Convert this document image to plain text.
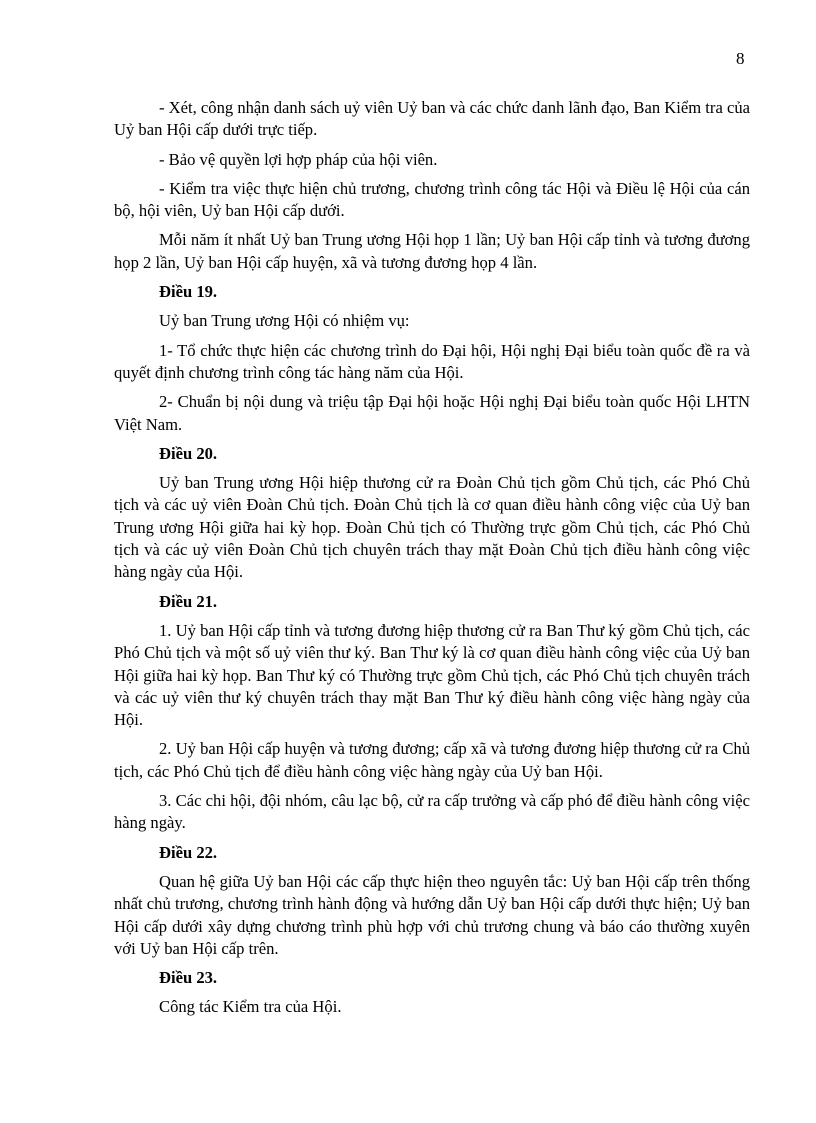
8

- Xét, công nhận danh sách uỷ viên Uỷ ban và các chức danh lãnh đạo, Ban Kiểm tra của Uỷ ban Hội cấp dưới trực tiếp.

- Bảo vệ quyền lợi hợp pháp của hội viên.

- Kiểm tra việc thực hiện chủ trương, chương trình công tác Hội và Điều lệ Hội của cán bộ, hội viên, Uỷ ban Hội cấp dưới.

Mỗi năm ít nhất Uỷ ban Trung ương Hội họp 1 lần; Uỷ ban Hội cấp tỉnh và tương đương họp 2 lần, Uỷ ban Hội cấp huyện, xã và tương đương họp 4 lần.

Điều 19.

Uỷ ban Trung ương Hội có nhiệm vụ:

1- Tổ chức thực hiện các chương trình do Đại hội, Hội nghị Đại biểu toàn quốc đề ra và quyết định chương trình công tác hàng năm của Hội.

2- Chuẩn bị nội dung và triệu tập Đại hội hoặc Hội nghị Đại biểu toàn quốc Hội LHTN Việt Nam.

Điều 20.

Uỷ ban Trung ương Hội hiệp thương cử ra Đoàn Chủ tịch gồm Chủ tịch, các Phó Chủ tịch và các uỷ viên Đoàn Chủ tịch. Đoàn Chủ tịch là cơ quan điều hành công việc của Uỷ ban Trung ương Hội giữa hai kỳ họp. Đoàn Chủ tịch có Thường trực gồm Chủ tịch, các Phó Chủ tịch và các uỷ viên Đoàn Chủ tịch chuyên trách thay mặt Đoàn Chủ tịch điều hành công việc hàng ngày của Hội.

Điều 21.

1. Uỷ ban Hội cấp tỉnh và tương đương hiệp thương cử ra Ban Thư ký gồm Chủ tịch, các Phó Chủ tịch và một số uỷ viên thư ký. Ban Thư ký là cơ quan điều hành công việc của Uỷ ban Hội giữa hai kỳ họp. Ban Thư ký có Thường trực gồm Chủ tịch, các Phó Chủ tịch chuyên trách và các uỷ viên thư ký chuyên trách thay mặt Ban Thư ký điều hành công việc hàng ngày của Hội.

2. Uỷ ban Hội cấp huyện và tương đương; cấp xã và tương đương hiệp thương cử ra Chủ tịch, các Phó Chủ tịch để điều hành công việc hàng ngày của Uỷ ban Hội.

3. Các chi hội, đội nhóm, câu lạc bộ, cử ra cấp trưởng và cấp phó để điều hành công việc hàng ngày.

Điều 22.

Quan hệ giữa Uỷ ban Hội các cấp thực hiện theo nguyên tắc: Uỷ ban Hội cấp trên thống nhất chủ trương, chương trình hành động và hướng dẫn Uỷ ban Hội cấp dưới thực hiện; Uỷ ban Hội cấp dưới xây dựng chương trình phù hợp với chủ trương chung và báo cáo thường xuyên với Uỷ ban Hội cấp trên.

Điều 23.

Công tác Kiểm tra của Hội.
